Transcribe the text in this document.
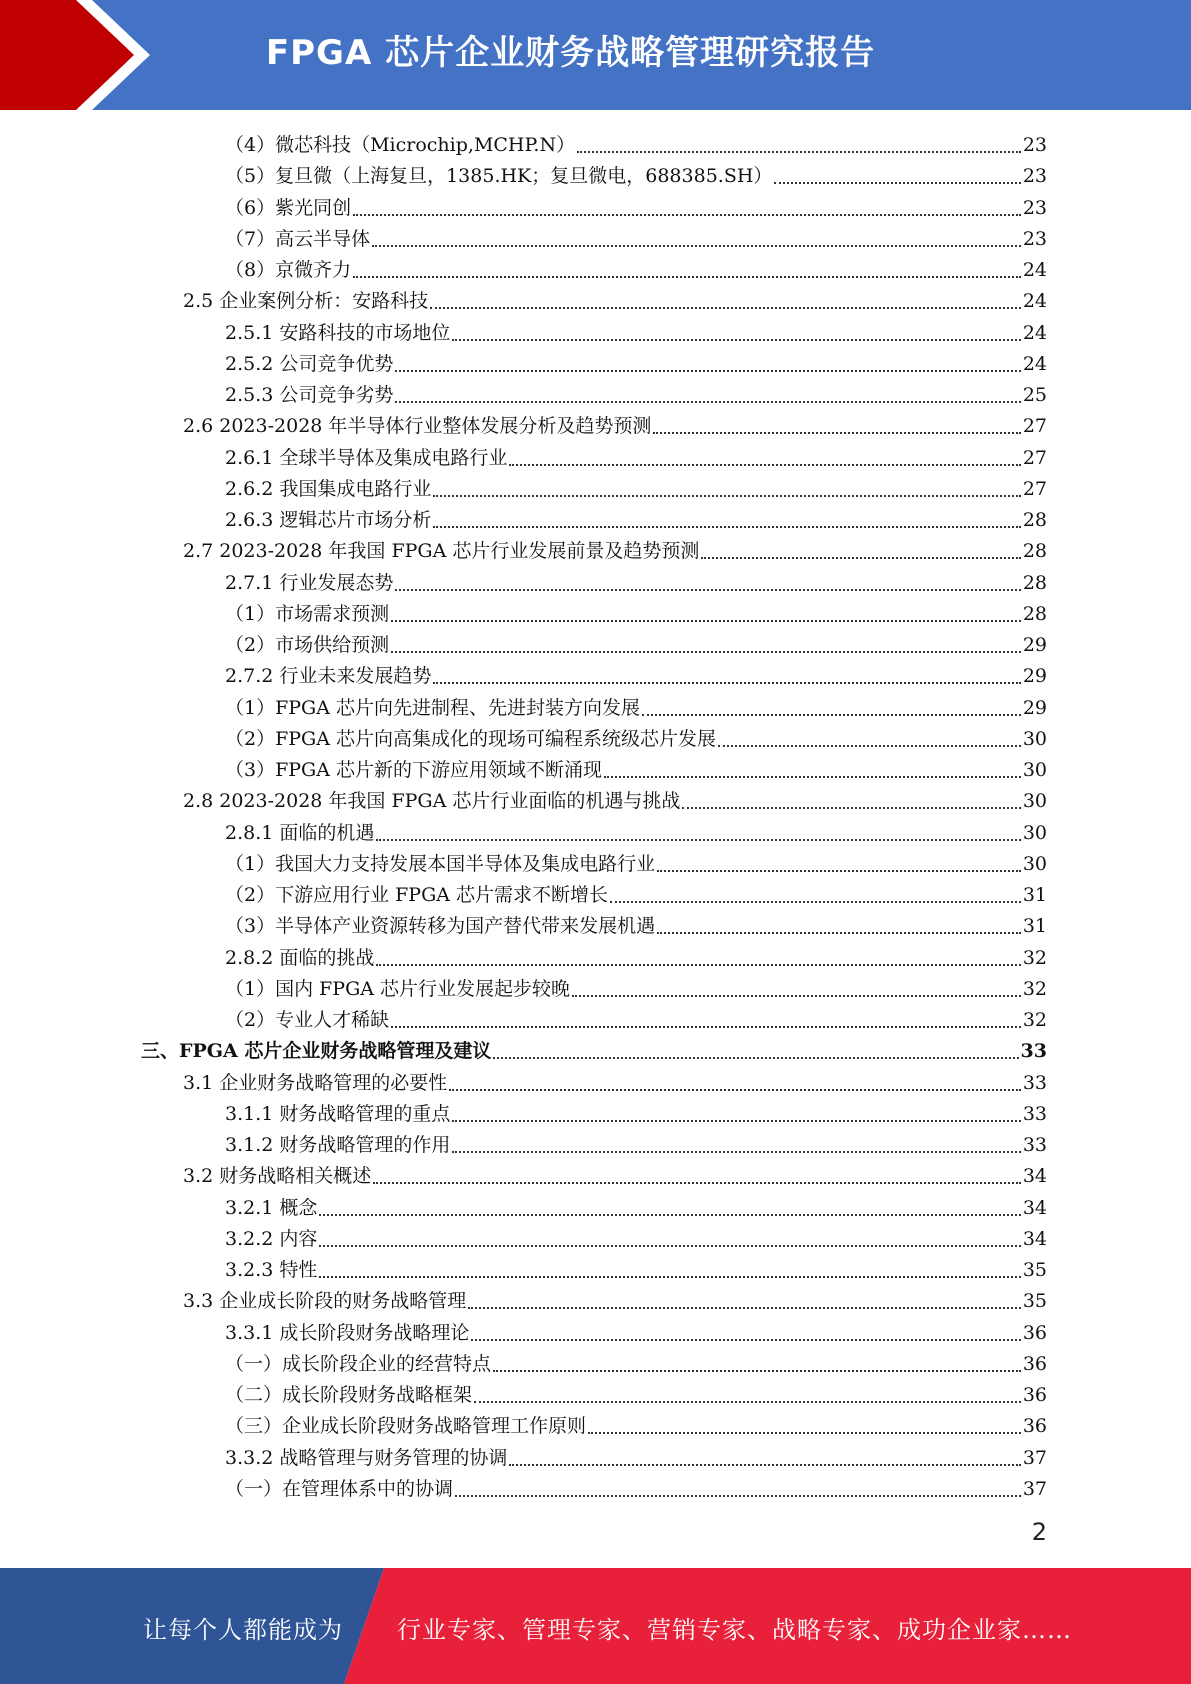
FPGA 芯片企业财务战略管理研究报告
（4）微芯科技（Microchip,MCHP.N）	23
（5）复旦微（上海复旦，1385.HK；复旦微电，688385.SH）	23
（6）紫光同创	23
（7）高云半导体	23
（8）京微齐力	24
2.5 企业案例分析：安路科技	24
2.5.1 安路科技的市场地位	24
2.5.2 公司竞争优势	24
2.5.3 公司竞争劣势	25
2.6 2023-2028 年半导体行业整体发展分析及趋势预测	27
2.6.1 全球半导体及集成电路行业	27
2.6.2 我国集成电路行业	27
2.6.3 逻辑芯片市场分析	28
2.7 2023-2028 年我国 FPGA 芯片行业发展前景及趋势预测	28
2.7.1 行业发展态势	28
（1）市场需求预测	28
（2）市场供给预测	29
2.7.2 行业未来发展趋势	29
（1）FPGA 芯片向先进制程、先进封装方向发展	29
（2）FPGA 芯片向高集成化的现场可编程系统级芯片发展	30
（3）FPGA 芯片新的下游应用领域不断涌现	30
2.8 2023-2028 年我国 FPGA 芯片行业面临的机遇与挑战	30
2.8.1 面临的机遇	30
（1）我国大力支持发展本国半导体及集成电路行业	30
（2）下游应用行业 FPGA 芯片需求不断增长	31
（3）半导体产业资源转移为国产替代带来发展机遇	31
2.8.2 面临的挑战	32
（1）国内 FPGA 芯片行业发展起步较晚	32
（2）专业人才稀缺	32
三、FPGA 芯片企业财务战略管理及建议	33
3.1 企业财务战略管理的必要性	33
3.1.1 财务战略管理的重点	33
3.1.2 财务战略管理的作用	33
3.2 财务战略相关概述	34
3.2.1 概念	34
3.2.2 内容	34
3.2.3 特性	35
3.3 企业成长阶段的财务战略管理	35
3.3.1 成长阶段财务战略理论	36
（一）成长阶段企业的经营特点	36
（二）成长阶段财务战略框架	36
（三）企业成长阶段财务战略管理工作原则	36
3.3.2 战略管理与财务管理的协调	37
（一）在管理体系中的协调	37
2
让每个人都能成为 行业专家、管理专家、营销专家、战略专家、成功企业家……
